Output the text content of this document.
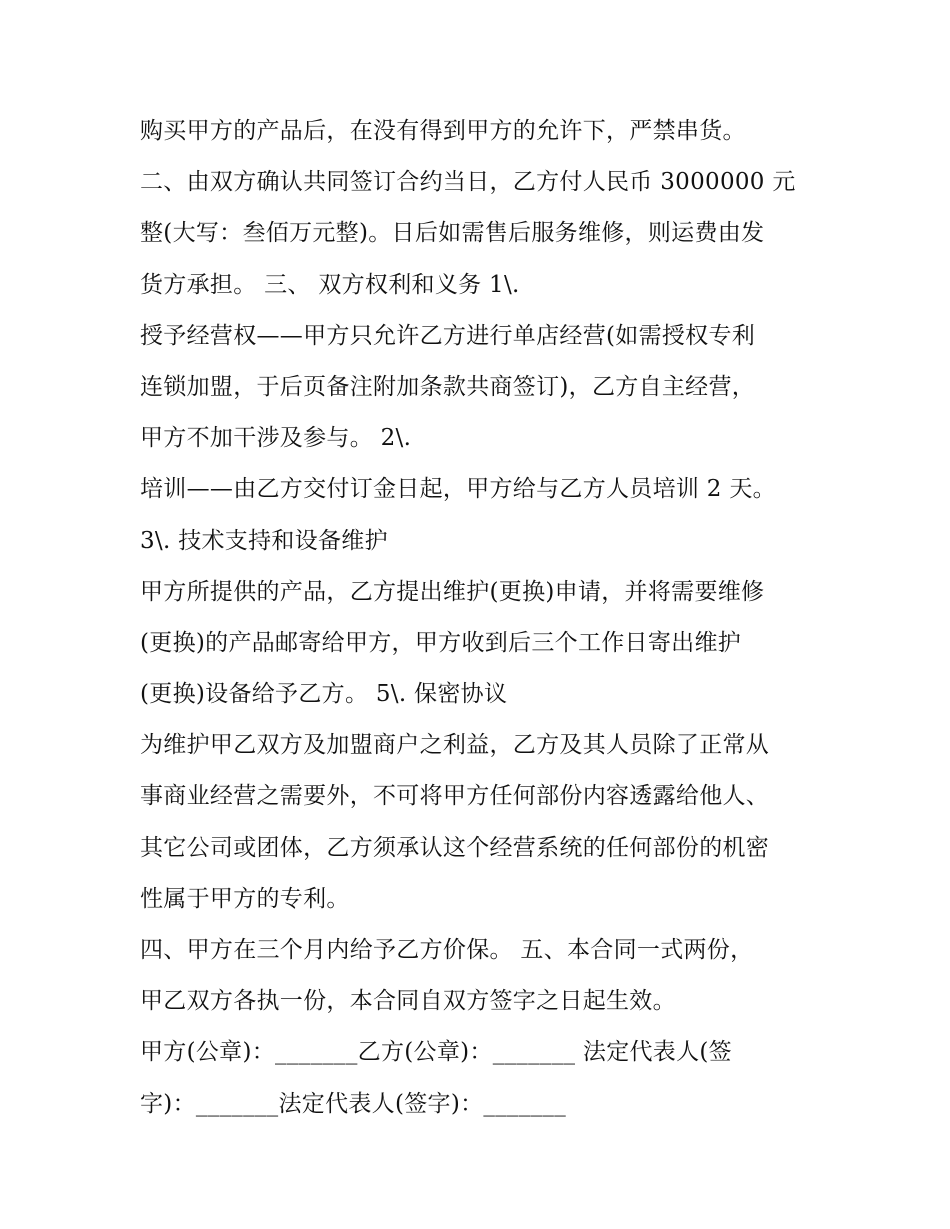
购买甲方的产品后，在没有得到甲方的允许下，严禁串货。
二、由双方确认共同签订合约当日，乙方付人民币 3000000 元
整(大写：叁佰万元整)。日后如需售后服务维修，则运费由发
货方承担。 三、 双方权利和义务 1\.
授予经营权——甲方只允许乙方进行单店经营(如需授权专利
连锁加盟，于后页备注附加条款共商签订)，乙方自主经营，
甲方不加干涉及参与。 2\.
培训——由乙方交付订金日起，甲方给与乙方人员培训 2 天。
3\. 技术支持和设备维护
甲方所提供的产品，乙方提出维护(更换)申请，并将需要维修
(更换)的产品邮寄给甲方，甲方收到后三个工作日寄出维护
(更换)设备给予乙方。 5\. 保密协议
为维护甲乙双方及加盟商户之利益，乙方及其人员除了正常从
事商业经营之需要外，不可将甲方任何部份内容透露给他人、
其它公司或团体，乙方须承认这个经营系统的任何部份的机密
性属于甲方的专利。
四、甲方在三个月内给予乙方价保。 五、本合同一式两份，
甲乙双方各执一份，本合同自双方签字之日起生效。
甲方(公章)：_______乙方(公章)：_______ 法定代表人(签
字)：_______法定代表人(签字)：_______
